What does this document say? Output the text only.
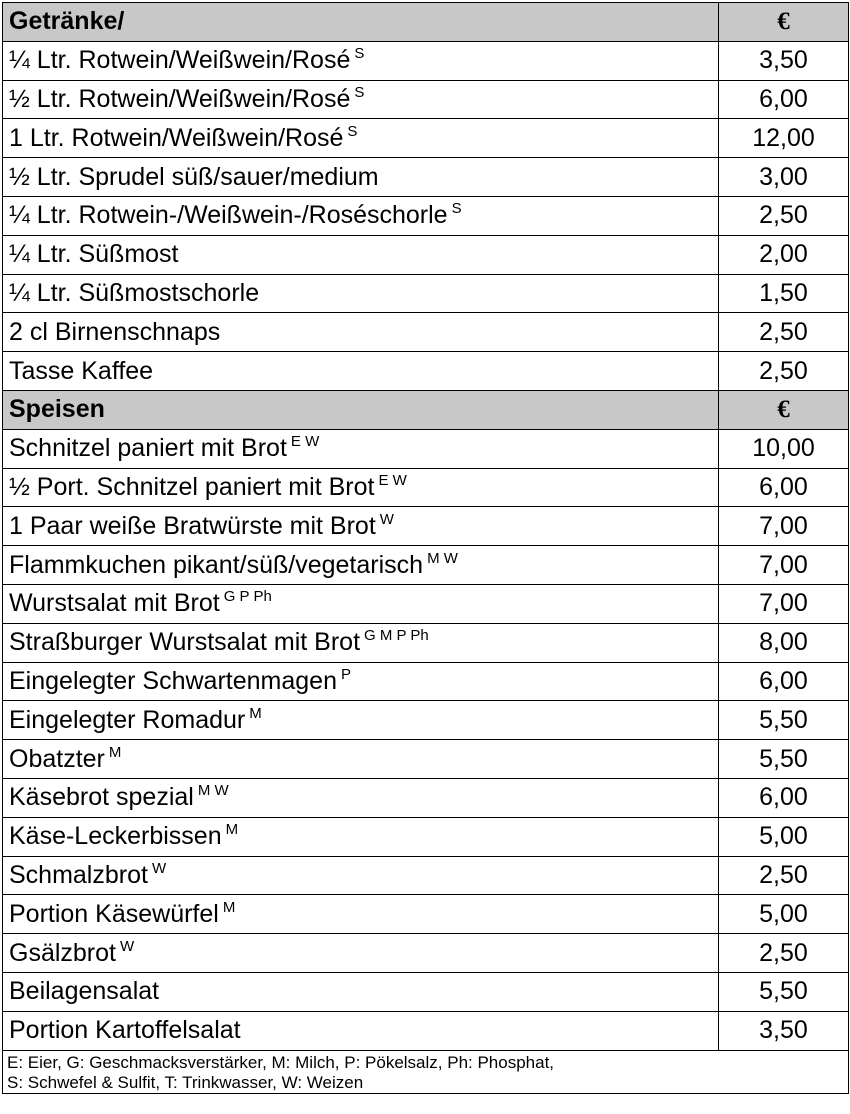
Getränke/	€
¼ Ltr. Rotwein/Weißwein/Rosé $^S$	3,50
½ Ltr. Rotwein/Weißwein/Rosé $^S$	6,00
1 Ltr. Rotwein/Weißwein/Rosé $^S$	12,00
½ Ltr. Sprudel süß/sauer/medium	3,00
¼ Ltr. Rotwein-/Weißwein-/Roséschorle $^S$	2,50
¼ Ltr. Süßmost	2,00
¼ Ltr. Süßmostschorle	1,50
2 cl Birnenschnaps	2,50
Tasse Kaffee	2,50
Speisen	€
Schnitzel paniert mit Brot $^{E W}$	10,00
½ Port. Schnitzel paniert mit Brot $^{E W}$	6,00
1 Paar weiße Bratwürste mit Brot $^W$	7,00
Flammkuchen pikant/süß/vegetarisch $^{M W}$	7,00
Wurstsalat mit Brot $^{G P Ph}$	7,00
Straßburger Wurstsalat mit Brot $^{G M P Ph}$	8,00
Eingelegter Schwartenmagen $^P$	6,00
Eingelegter Romadur $^M$	5,50
Obatzter $^M$	5,50
Käsebrot spezial $^{M W}$	6,00
Käse-Leckerbissen $^M$	5,00
Schmalzbrot $^W$	2,50
Portion Käsewürfel $^M$	5,00
Gsälzbrot $^W$	2,50
Beilagensalat	5,50
Portion Kartoffelsalat	3,50

E: Eier, G: Geschmacksverstärker, M: Milch, P: Pökelsalz, Ph: Phosphat,
S: Schwefel & Sulfit, T: Trinkwasser, W: Weizen	
